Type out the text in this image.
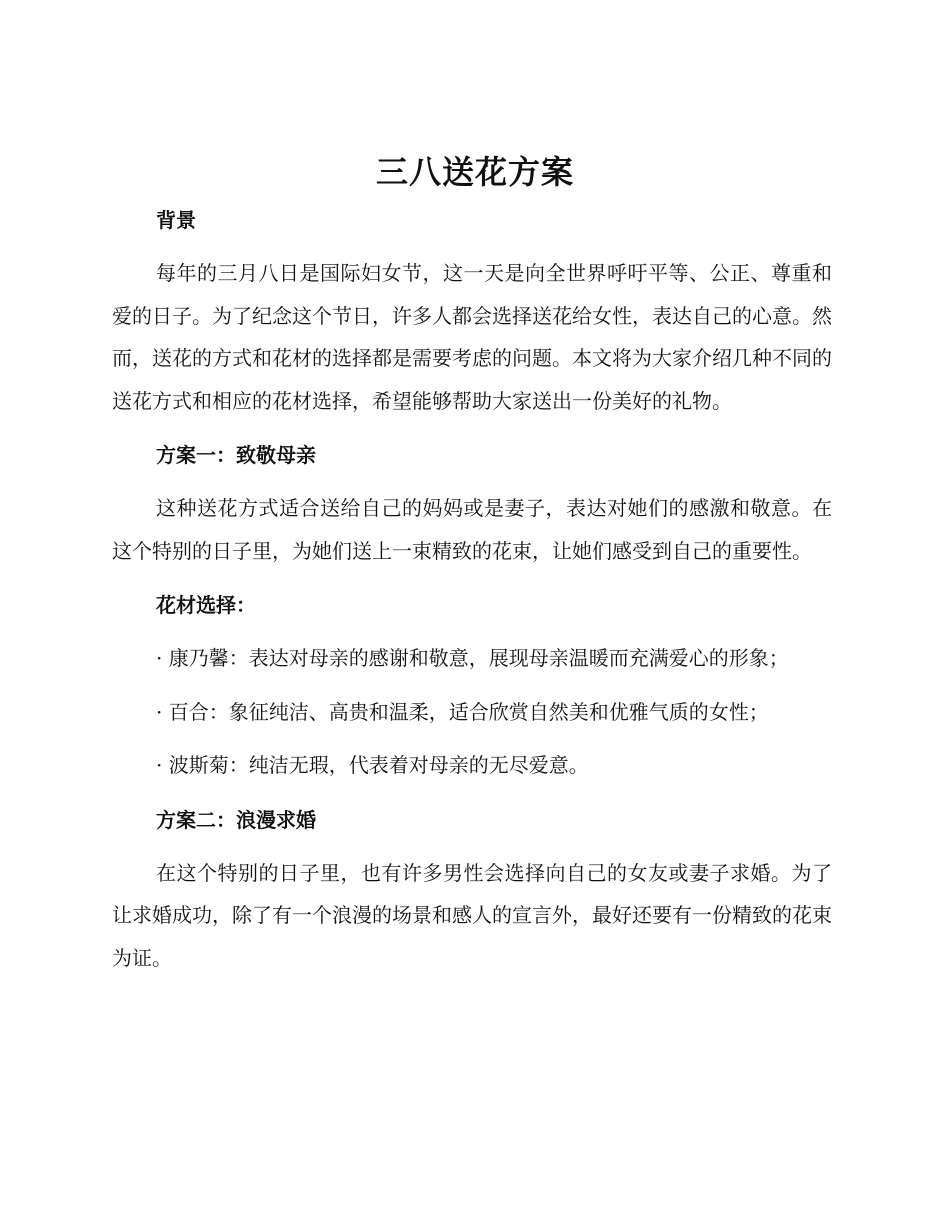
三八送花方案
背景

每年的三月八日是国际妇女节，这一天是向全世界呼吁平等、公正、尊重和爱的日子。为了纪念这个节日，许多人都会选择送花给女性，表达自己的心意。然而，送花的方式和花材的选择都是需要考虑的问题。本文将为大家介绍几种不同的送花方式和相应的花材选择，希望能够帮助大家送出一份美好的礼物。

方案一：致敬母亲

这种送花方式适合送给自己的妈妈或是妻子，表达对她们的感激和敬意。在这个特别的日子里，为她们送上一束精致的花束，让她们感受到自己的重要性。

花材选择：

· 康乃馨：表达对母亲的感谢和敬意，展现母亲温暖而充满爱心的形象；

· 百合：象征纯洁、高贵和温柔，适合欣赏自然美和优雅气质的女性；

· 波斯菊：纯洁无瑕，代表着对母亲的无尽爱意。

方案二：浪漫求婚

在这个特别的日子里，也有许多男性会选择向自己的女友或妻子求婚。为了让求婚成功，除了有一个浪漫的场景和感人的宣言外，最好还要有一份精致的花束为证。
